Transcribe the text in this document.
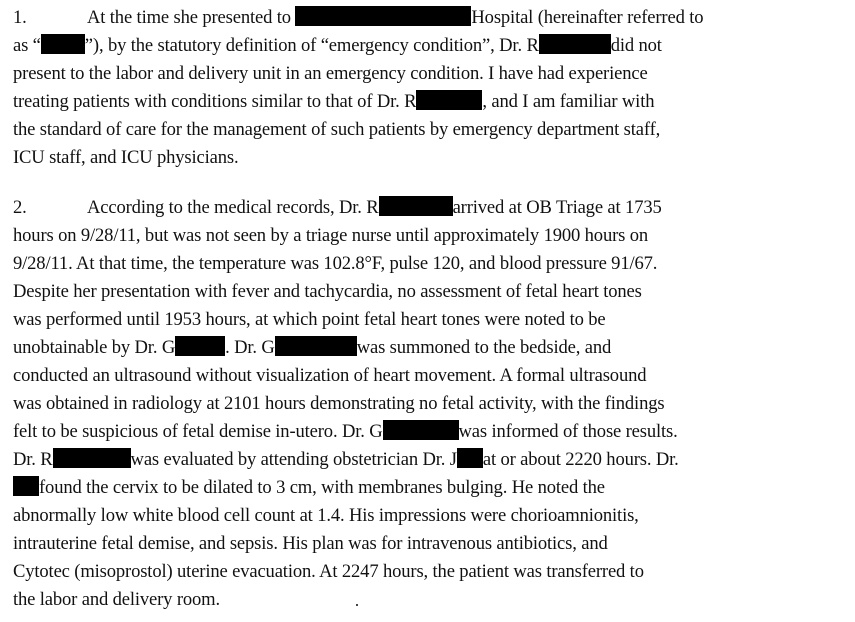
1.	At the time she presented to	Hospital (hereinafter referred to
as “ ”), by the statutory definition of “emergency condition”, Dr. R	did not
present to the labor and delivery unit in an emergency condition. I have had experience
treating patients with conditions similar to that of Dr. R	, and I am familiar with
the standard of care for the management of such patients by emergency department staff,
ICU staff, and ICU physicians.
2.	According to the medical records, Dr. R	arrived at OB Triage at 1735
hours on 9/28/11, but was not seen by a triage nurse until approximately 1900 hours on
9/28/11. At that time, the temperature was 102.8°F, pulse 120, and blood pressure 91/67.
Despite her presentation with fever and tachycardia, no assessment of fetal heart tones
was performed until 1953 hours, at which point fetal heart tones were noted to be
unobtainable by Dr. G	. Dr. G	was summoned to the bedside, and
conducted an ultrasound without visualization of heart movement. A formal ultrasound
was obtained in radiology at 2101 hours demonstrating no fetal activity, with the findings
felt to be suspicious of fetal demise in-utero. Dr. G	was informed of those results.
Dr. R	was evaluated by attending obstetrician Dr. J at or about 2220 hours. Dr.
found the cervix to be dilated to 3 cm, with membranes bulging. He noted the
abnormally low white blood cell count at 1.4. His impressions were chorioamnionitis,
intrauterine fetal demise, and sepsis. His plan was for intravenous antibiotics, and
Cytotec (misoprostol) uterine evacuation. At 2247 hours, the patient was transferred to
the labor and delivery room.
